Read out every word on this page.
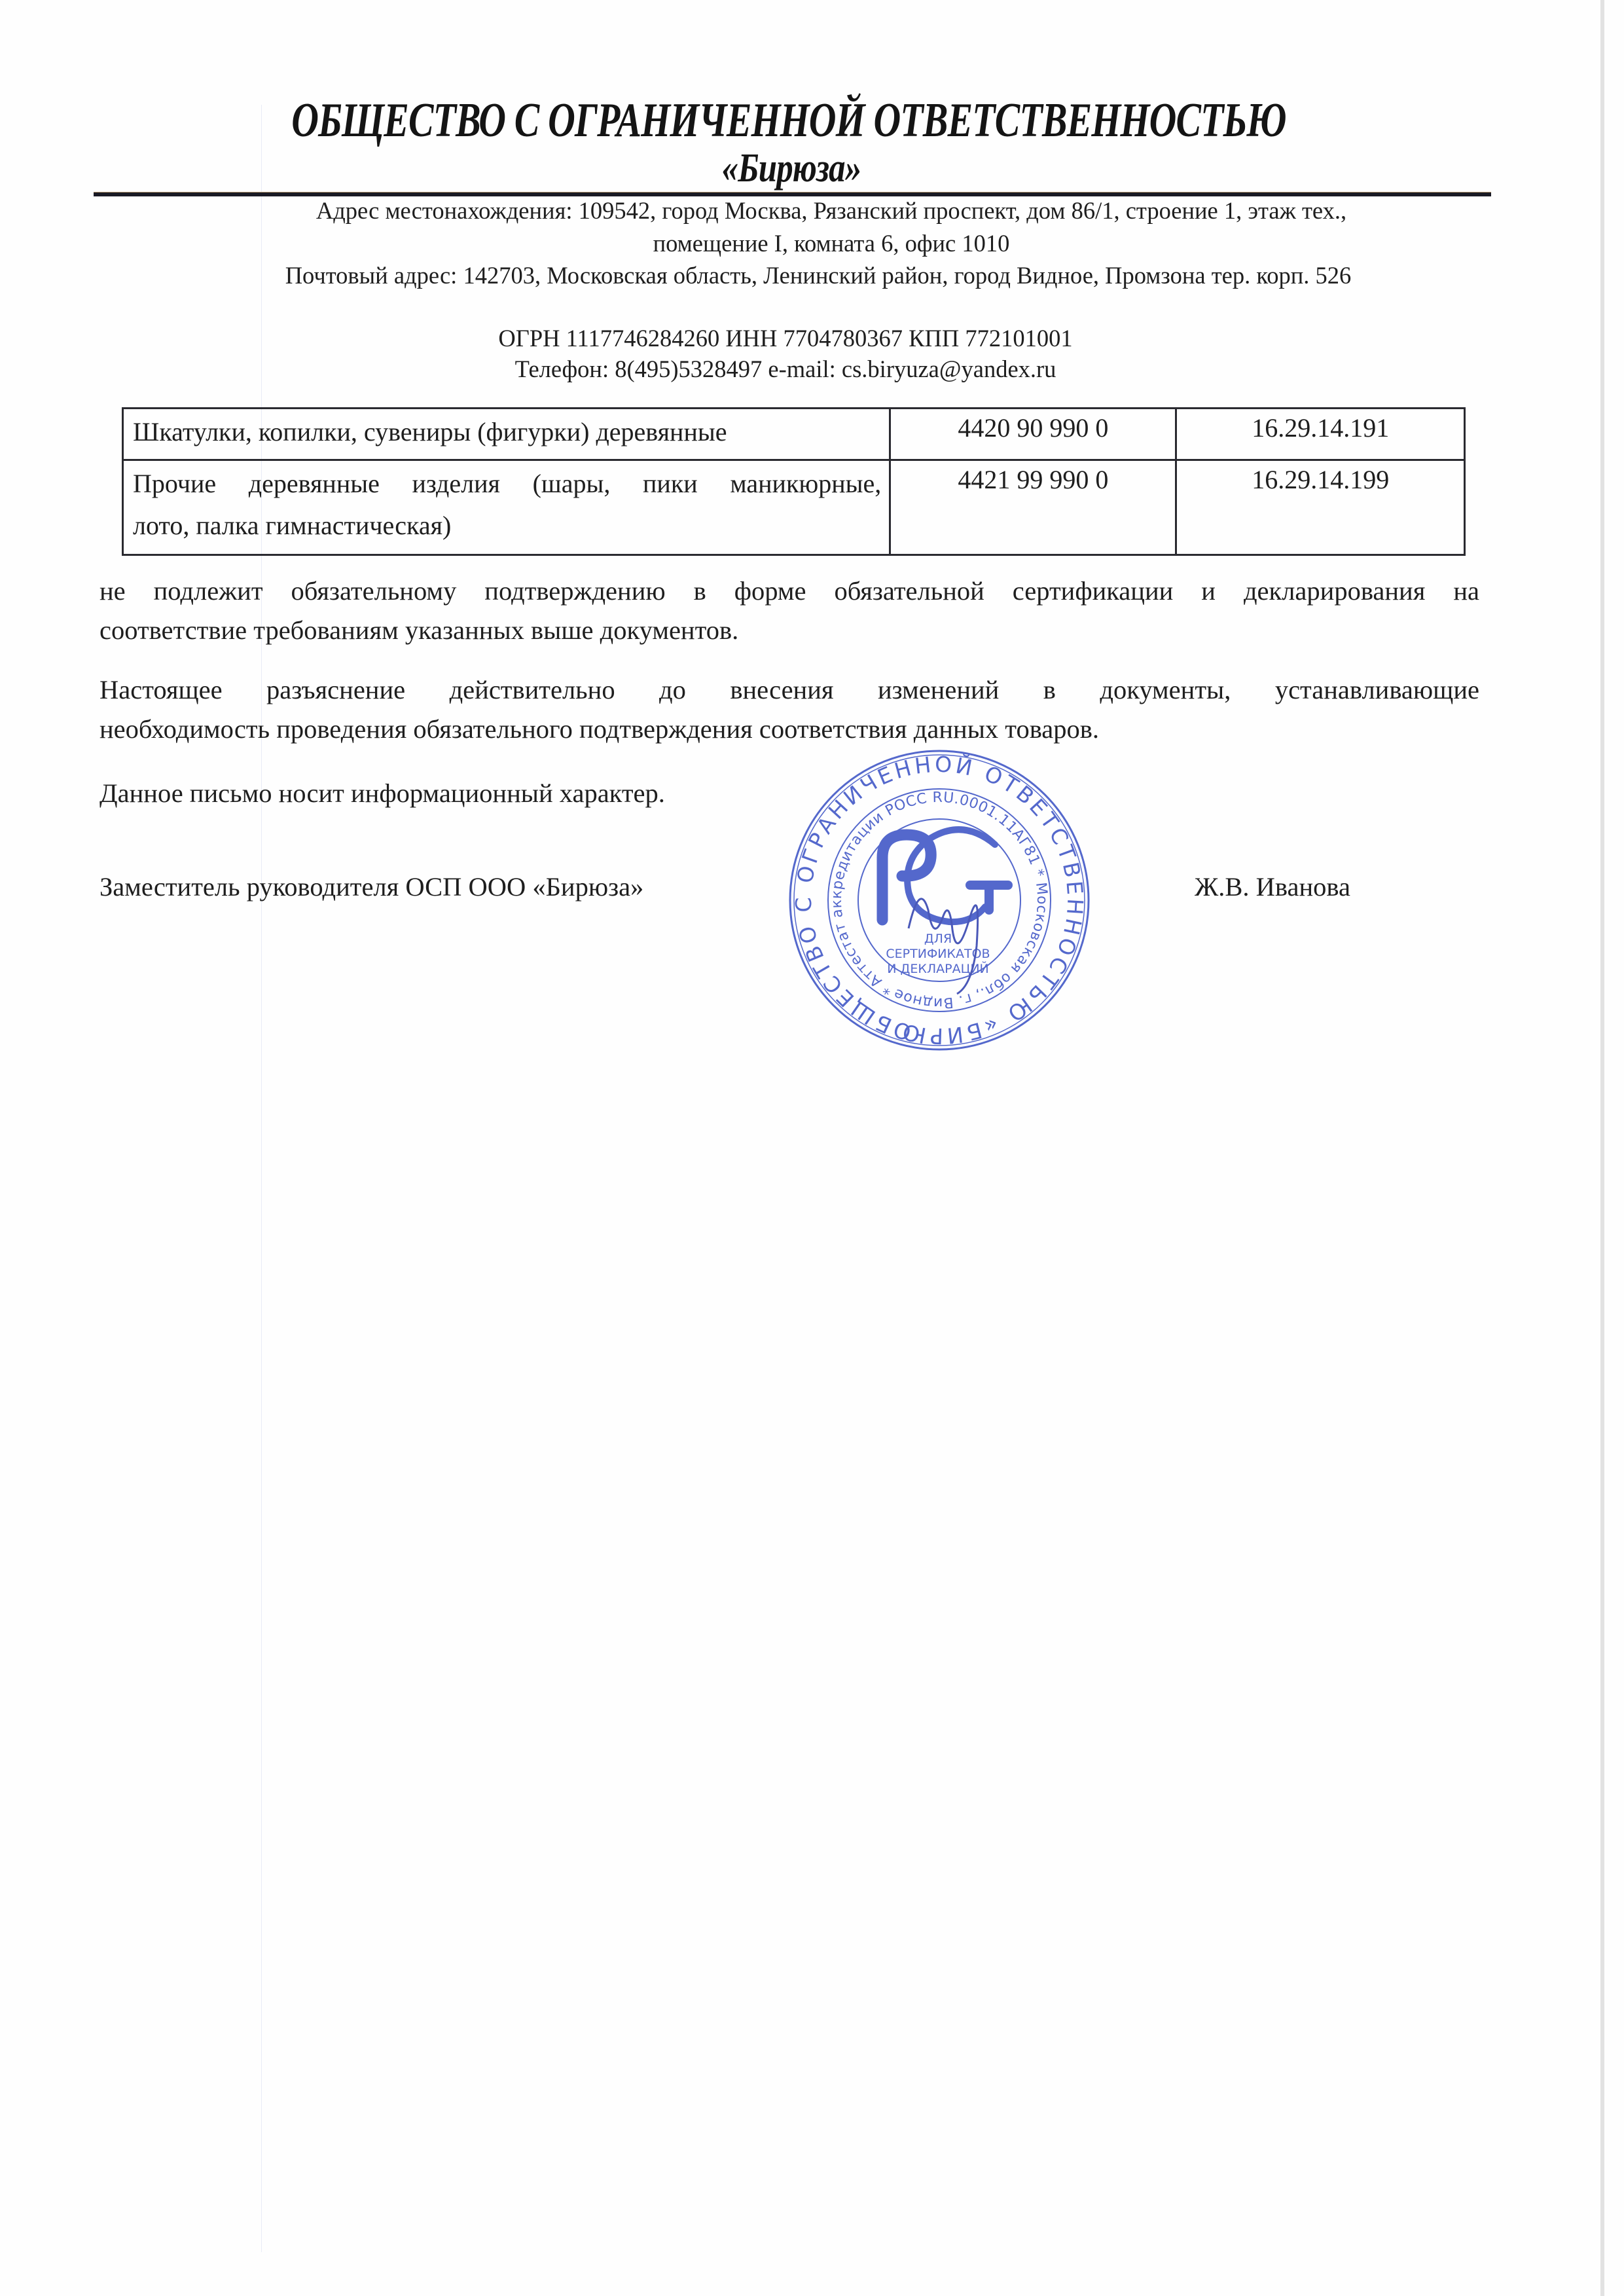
ОБЩЕСТВО С ОГРАНИЧЕННОЙ ОТВЕТСТВЕННОСТЬЮ
«Бирюза»
Адрес местонахождения: 109542, город Москва, Рязанский проспект, дом 86/1, строение 1, этаж тех.,
помещение I, комната 6, офис 1010
Почтовый адрес: 142703, Московская область, Ленинский район, город Видное, Промзона тер. корп. 526
ОГРН 1117746284260 ИНН 7704780367 КПП 772101001
Телефон: 8(495)5328497 e-mail: cs.biryuza@yandex.ru
Шкатулки, копилки, сувениры (фигурки) деревянные	4420 90 990 0	16.29.14.191

Прочие деревянные изделия (шары, пики маникюрные,
лото, палка гимнастическая)	4421 99 990 0	16.29.14.199
не подлежит обязательному подтверждению в форме обязательной сертификации и декларирования на
соответствие требованиям указанных выше документов.
Настоящее разъяснение действительно до внесения изменений в документы, устанавливающие
необходимость проведения обязательного подтверждения соответствия данных товаров.
Данное письмо носит информационный характер.
Заместитель руководителя ОСП ООО «Бирюза»	Ж.В. Иванова
ОБЩЕСТВО С ОГРАНИЧЕННОЙ ОТВЕТСТВЕННОСТЬЮ «БИРЮЗА»
* Аттестат аккредитации РОСС RU.0001.11АГ81 * Московская обл., г. Видное
ДЛЯ
СЕРТИФИКАТОВ
И ДЕКЛАРАЦИЙ
